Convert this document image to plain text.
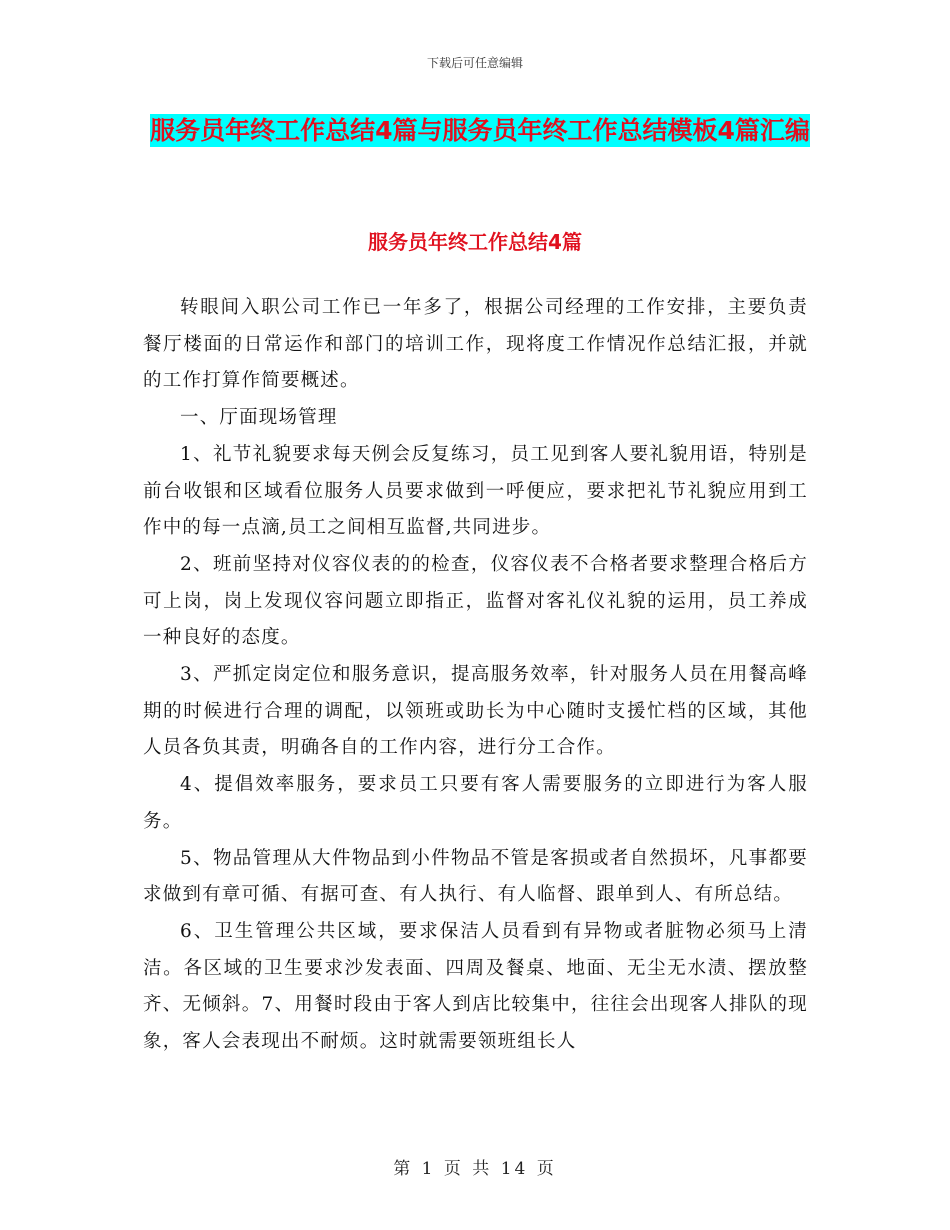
下载后可任意编辑
服务员年终工作总结4篇与服务员年终工作总结模板4篇汇编
服务员年终工作总结4篇

转眼间入职公司工作已一年多了，根据公司经理的工作安排，主要负责餐厅楼面的日常运作和部门的培训工作，现将度工作情况作总结汇报，并就的工作打算作简要概述。

一、厅面现场管理

1、礼节礼貌要求每天例会反复练习，员工见到客人要礼貌用语，特别是前台收银和区域看位服务人员要求做到一呼便应，要求把礼节礼貌应用到工作中的每一点滴,员工之间相互监督,共同进步。

2、班前坚持对仪容仪表的的检查，仪容仪表不合格者要求整理合格后方可上岗，岗上发现仪容问题立即指正，监督对客礼仪礼貌的运用，员工养成一种良好的态度。

3、严抓定岗定位和服务意识，提高服务效率，针对服务人员在用餐高峰期的时候进行合理的调配，以领班或助长为中心随时支援忙档的区域，其他人员各负其责，明确各自的工作内容，进行分工合作。

4、提倡效率服务，要求员工只要有客人需要服务的立即进行为客人服务。

5、物品管理从大件物品到小件物品不管是客损或者自然损坏，凡事都要求做到有章可循、有据可查、有人执行、有人临督、跟单到人、有所总结。

6、卫生管理公共区域，要求保洁人员看到有异物或者脏物必须马上清洁。各区域的卫生要求沙发表面、四周及餐桌、地面、无尘无水渍、摆放整齐、无倾斜。7、用餐时段由于客人到店比较集中，往往会出现客人排队的现象，客人会表现出不耐烦。这时就需要领班组长人

第 1 页 共 14 页
